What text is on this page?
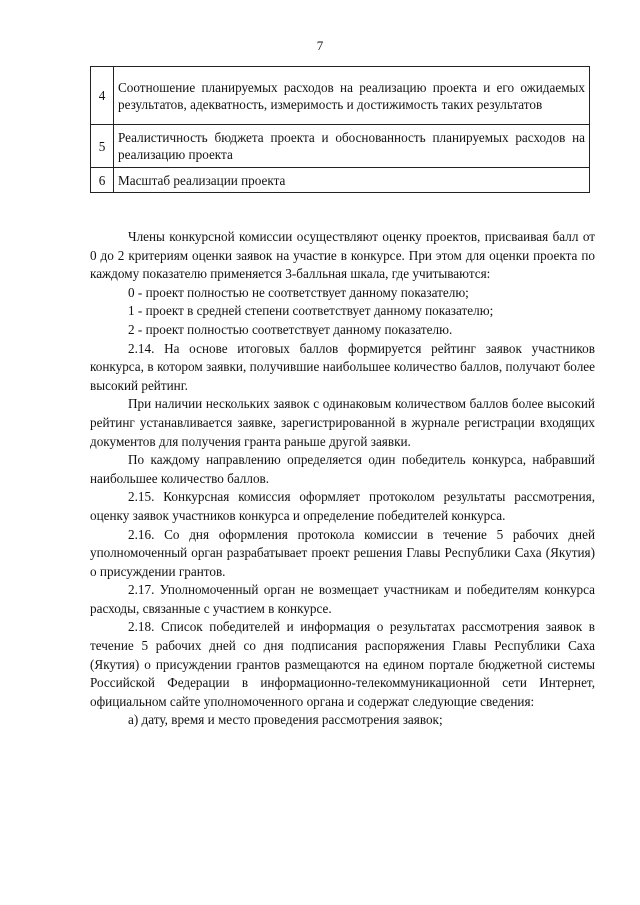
7
4	Соотношение планируемых расходов на реализацию проекта и его ожидаемых результатов, адекватность, измеримость и достижимость таких результатов
5	Реалистичность бюджета проекта и обоснованность планируемых расходов на реализацию проекта
6	Масштаб реализации проекта

Члены конкурсной комиссии осуществляют оценку проектов, присваивая балл от 0 до 2 критериям оценки заявок на участие в конкурсе. При этом для оценки проекта по каждому показателю применяется 3-балльная шкала, где учитываются:

0 - проект полностью не соответствует данному показателю;

1 - проект в средней степени соответствует данному показателю;

2 - проект полностью соответствует данному показателю.

2.14. На основе итоговых баллов формируется рейтинг заявок участников конкурса, в котором заявки, получившие наибольшее количество баллов, получают более высокий рейтинг.

При наличии нескольких заявок с одинаковым количеством баллов более высокий рейтинг устанавливается заявке, зарегистрированной в журнале регистрации входящих документов для получения гранта раньше другой заявки.

По каждому направлению определяется один победитель конкурса, набравший наибольшее количество баллов.

2.15. Конкурсная комиссия оформляет протоколом результаты рассмотрения, оценку заявок участников конкурса и определение победителей конкурса.

2.16. Со дня оформления протокола комиссии в течение 5 рабочих дней уполномоченный орган разрабатывает проект решения Главы Республики Саха (Якутия) о присуждении грантов.

2.17. Уполномоченный орган не возмещает участникам и победителям конкурса расходы, связанные с участием в конкурсе.

2.18. Список победителей и информация о результатах рассмотрения заявок в течение 5 рабочих дней со дня подписания распоряжения Главы Республики Саха (Якутия) о присуждении грантов размещаются на едином портале бюджетной системы Российской Федерации в информационно-телекоммуникационной сети Интернет, официальном сайте уполномоченного органа и содержат следующие сведения:

а) дату, время и место проведения рассмотрения заявок;
